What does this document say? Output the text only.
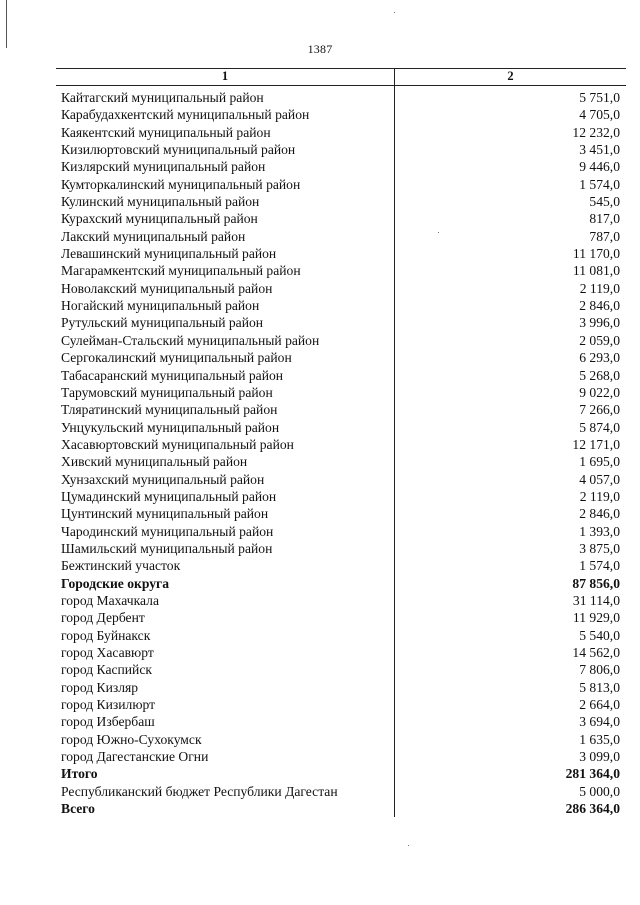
1387
1	2
Кайтагский муниципальный район	5 751,0
Карабудахкентский муниципальный район	4 705,0
Каякентский муниципальный район	12 232,0
Кизилюртовский муниципальный район	3 451,0
Кизлярский муниципальный район	9 446,0
Кумторкалинский муниципальный район	1 574,0
Кулинский муниципальный район	545,0
Курахский муниципальный район	817,0
Лакский муниципальный район	787,0
Левашинский муниципальный район	11 170,0
Магарамкентский муниципальный район	11 081,0
Новолакский муниципальный район	2 119,0
Ногайский муниципальный район	2 846,0
Рутульский муниципальный район	3 996,0
Сулейман-Стальский муниципальный район	2 059,0
Сергокалинский муниципальный район	6 293,0
Табасаранский муниципальный район	5 268,0
Тарумовский муниципальный район	9 022,0
Тляратинский муниципальный район	7 266,0
Унцукульский муниципальный район	5 874,0
Хасавюртовский муниципальный район	12 171,0
Хивский муниципальный район	1 695,0
Хунзахский муниципальный район	4 057,0
Цумадинский муниципальный район	2 119,0
Цунтинский муниципальный район	2 846,0
Чародинский муниципальный район	1 393,0
Шамильский муниципальный район	3 875,0
Бежтинский участок	1 574,0
Городские округа	87 856,0
город Махачкала	31 114,0
город Дербент	11 929,0
город Буйнакск	5 540,0
город Хасавюрт	14 562,0
город Каспийск	7 806,0
город Кизляр	5 813,0
город Кизилюрт	2 664,0
город Избербаш	3 694,0
город Южно-Сухокумск	1 635,0
город Дагестанские Огни	3 099,0
Итого	281 364,0
Республиканский бюджет Республики Дагестан	5 000,0
Всего	286 364,0
